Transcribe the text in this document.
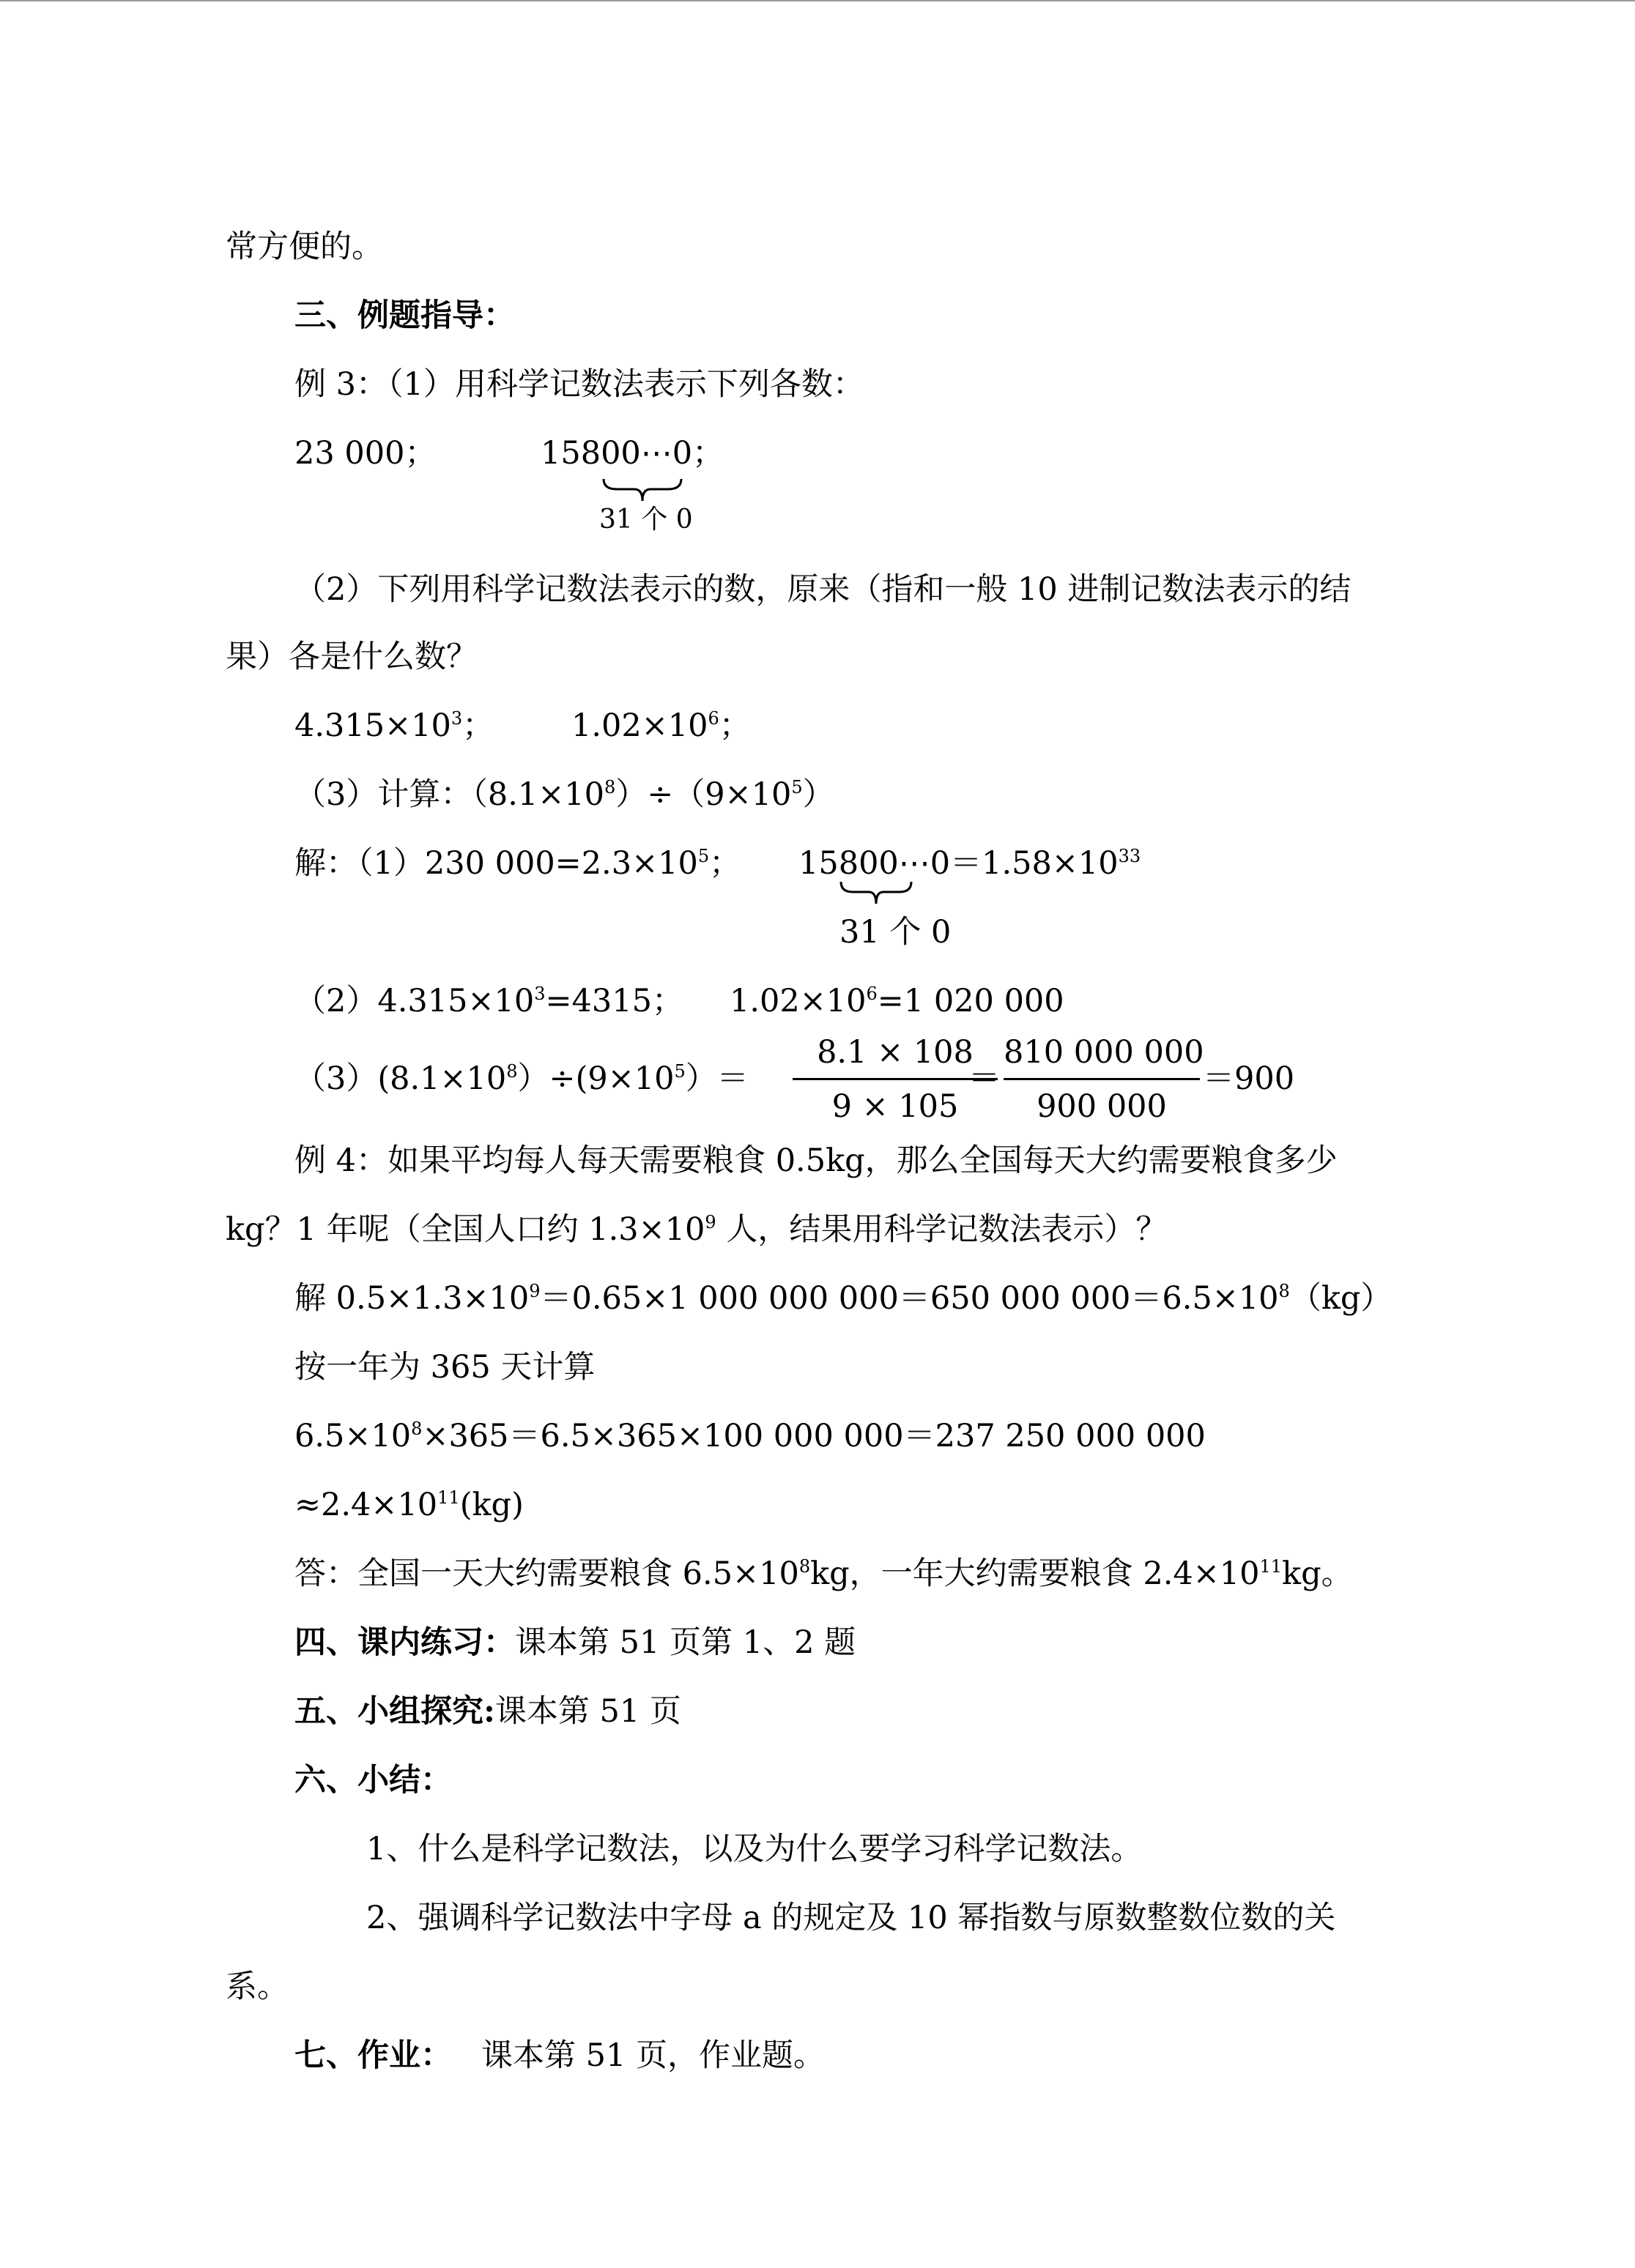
常方便的。
三、例题指导：
例 3：（1）用科学记数法表示下列各数：
23 000；	15800⋯0；
31 个 0
（2）下列用科学记数法表示的数，原来（指和一般 10 进制记数法表示的结
果）各是什么数？
$4.315\times 10^3$； $1.02\times 10^6$；
（3）计算：$(8.1\times 10^8)\div(9\times 10^5)$
解：（1）230 $000=2.3\times 10^5$； $15800\cdots 0=1.58\times 10^{33}$
31 个 0
$(2)4.315\times 10^3=4315$； $1.02\times 10^6=1$ 020 000
$(3)(8.1\times 10^8)\div(9\times 10^5)=$
8.1 × 108
9 × 105
＝
810 000 000
900 000
＝900
例 4：如果平均每人每天需要粮食 0.5kg，那么全国每天大约需要粮食多少
kg？1 年呢（全国人口约 $1.3\times 10^9$ 人，结果用科学记数法表示）？
解 $0.5\times 1.3\times 10^9=0.65\times 1$ 000 000 000＝650 000 $000=6.5\times 10^8(kg)$
按一年为 365 天计算
$6.5\times 10^8\times 365=6.5\times 365\times 100$ 000 000＝237 250 000 000
$\approx 2.4\times 10^{11}(kg)$
答：全国一天大约需要粮食 $6.5\times 10^8kg$，一年大约需要粮食 $2.4\times 10^{11}kg$。
四、课内练习：课本第 51 页第 1、2 题
五、小组探究:课本第 51 页
六、小结：
1、什么是科学记数法，以及为什么要学习科学记数法。
2、强调科学记数法中字母 a 的规定及 10 幂指数与原数整数位数的关
系。
七、作业： 课本第 51 页，作业题。
